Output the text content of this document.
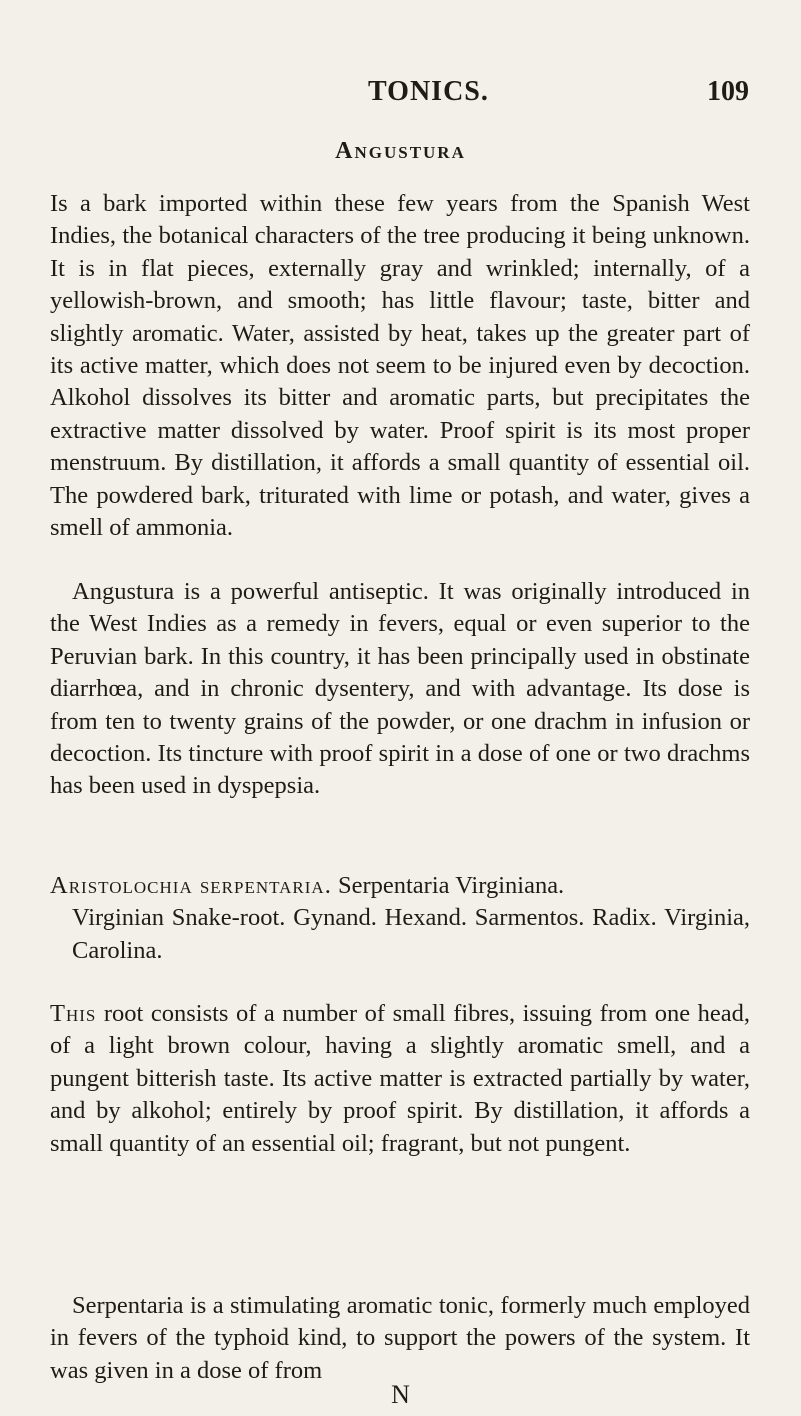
TONICS.	109
Angustura

Is a bark imported within these few years from the Spanish West Indies, the botanical characters of the tree producing it being unknown. It is in flat pieces, externally gray and wrinkled; internally, of a yellowish-brown, and smooth; has little flavour; taste, bitter and slightly aromatic. Water, assisted by heat, takes up the greater part of its active matter, which does not seem to be injured even by decoction. Alkohol dissolves its bitter and aromatic parts, but precipitates the extractive matter dissolved by water. Proof spirit is its most proper menstruum. By distillation, it affords a small quantity of essential oil. The powdered bark, triturated with lime or potash, and water, gives a smell of ammonia.

Angustura is a powerful antiseptic. It was originally introduced in the West Indies as a remedy in fevers, equal or even superior to the Peruvian bark. In this country, it has been principally used in obstinate diarrhœa, and in chronic dysentery, and with advantage. Its dose is from ten to twenty grains of the powder, or one drachm in infusion or decoction. Its tincture with proof spirit in a dose of one or two drachms has been used in dyspepsia.

Aristolochia serpentaria. Serpentaria Virginiana.
Virginian Snake-root. Gynand. Hexand. Sarmentos. Radix. Virginia, Carolina.

This root consists of a number of small fibres, issuing from one head, of a light brown colour, having a slightly aromatic smell, and a pungent bitterish taste. Its active matter is extracted partially by water, and by alkohol; entirely by proof spirit. By distillation, it affords a small quantity of an essential oil; fragrant, but not pungent.

Serpentaria is a stimulating aromatic tonic, formerly much employed in fevers of the typhoid kind, to support the powers of the system. It was given in a dose of from

N
